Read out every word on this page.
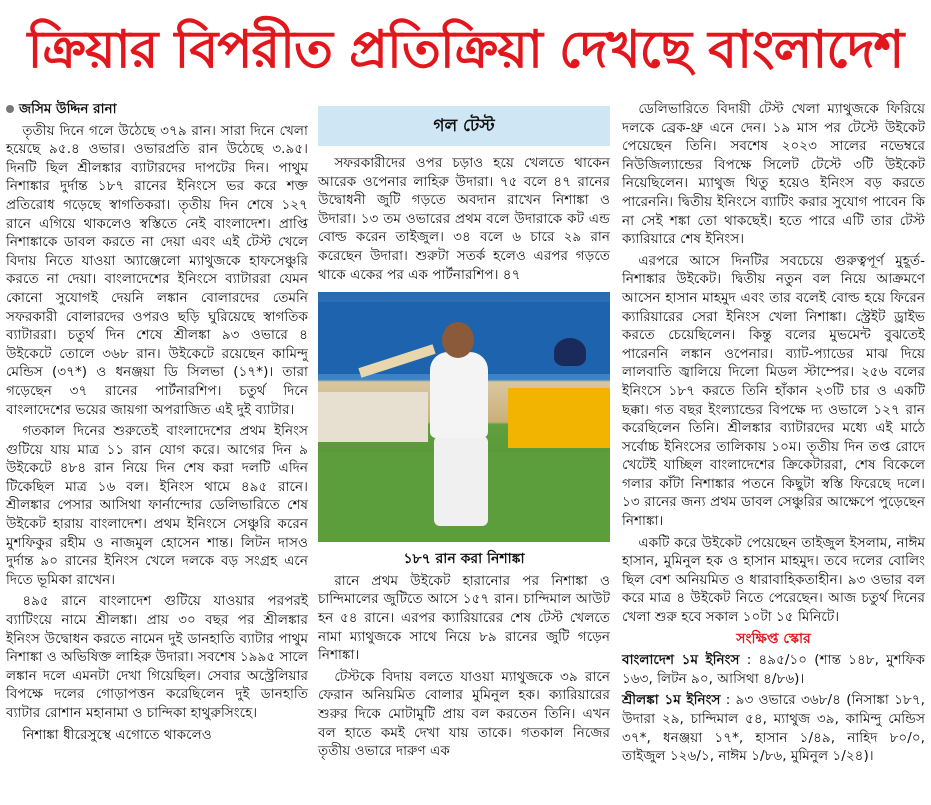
ক্রিয়ার বিপরীত প্রতিক্রিয়া দেখছে বাংলাদেশ

জসিম উদ্দিন রানা

তৃতীয় দিনে গলে উঠেছে ৩৭৯ রান। সারা দিনে খেলা হয়েছে ৯৫.৪ ওভার। ওভারপ্রতি রান উঠেছে ৩.৯৫। দিনটি ছিল শ্রীলঙ্কার ব্যাটারদের দাপটের দিন। পাথুম নিশাঙ্কার দুর্দান্ত ১৮৭ রানের ইনিংসে ভর করে শক্ত প্রতিরোধ গড়েছে স্বাগতিকরা। তৃতীয় দিন শেষে ১২৭ রানে এগিয়ে থাকলেও স্বস্তিতে নেই বাংলাদেশ। প্রাপ্তি নিশাঙ্কাকে ডাবল করতে না দেয়া এবং এই টেস্ট খেলে বিদায় নিতে যাওয়া অ্যাঞ্জেলো ম্যাথুজকে হাফসেঞ্চুরি করতে না দেয়া। বাংলাদেশের ইনিংসে ব্যাটাররা যেমন কোনো সুযোগই দেয়নি লঙ্কান বোলারদের তেমনি সফরকারী বোলারদের ওপরও ছড়ি ঘুরিয়েছে স্বাগতিক ব্যাটাররা। চতুর্থ দিন শেষে শ্রীলঙ্কা ৯৩ ওভারে ৪ উইকেটে তোলে ৩৬৮ রান। উইকেটে রয়েছেন কামিন্দু মেন্ডিস (৩৭*) ও ধনঞ্জয়া ডি সিলভা (১৭*)। তারা গড়েছেন ৩৭ রানের পার্টনারশিপ। চতুর্থ দিনে বাংলাদেশের ভয়ের জায়গা অপরাজিত এই দুই ব্যাটার।

গতকাল দিনের শুরুতেই বাংলাদেশের প্রথম ইনিংস গুটিয়ে যায় মাত্র ১১ রান যোগ করে। আগের দিন ৯ উইকেটে ৪৮৪ রান নিয়ে দিন শেষ করা দলটি এদিন টিকেছিল মাত্র ১৬ বল। ইনিংস থামে ৪৯৫ রানে। শ্রীলঙ্কার পেসার আসিথা ফার্নান্দোর ডেলিভারিতে শেষ উইকেট হারায় বাংলাদেশ। প্রথম ইনিংসে সেঞ্চুরি করেন মুশফিকুর রহীম ও নাজমুল হোসেন শান্ত। লিটন দাসও দুর্দান্ত ৯০ রানের ইনিংস খেলে দলকে বড় সংগ্রহ এনে দিতে ভূমিকা রাখেন।

৪৯৫ রানে বাংলাদেশ গুটিয়ে যাওয়ার পরপরই ব্যাটিংয়ে নামে শ্রীলঙ্কা। প্রায় ৩০ বছর পর শ্রীলঙ্কার ইনিংস উদ্বোধন করতে নামেন দুই ডানহাতি ব্যাটার পাথুম নিশাঙ্কা ও অভিষিক্ত লাহিরু উদারা। সবশেষ ১৯৯৫ সালে লঙ্কান দলে এমনটা দেখা গিয়েছিল। সেবার অস্ট্রেলিয়ার বিপক্ষে দলের গোড়াপত্তন করেছিলেন দুই ডানহাতি ব্যাটার রোশান মহানামা ও চান্দিকা হাথুরুসিংহে।

নিশাঙ্কা ধীরেসুস্থে এগোতে থাকলেও

গল টেস্ট

সফরকারীদের ওপর চড়াও হয়ে খেলতে থাকেন আরেক ওপেনার লাহিরু উদারা। ৭৫ বলে ৪৭ রানের উদ্বোধনী জুটি গড়তে অবদান রাখেন নিশাঙ্কা ও উদারা। ১৩ তম ওভারের প্রথম বলে উদারাকে কট এন্ড বোল্ড করেন তাইজুল। ৩৪ বলে ৬ চারে ২৯ রান করেছেন উদারা। শুরুটা সতর্ক হলেও এরপর গড়তে থাকে একের পর এক পার্টনারশিপ। ৪৭

১৮৭ রান করা নিশাঙ্কা

রানে প্রথম উইকেট হারানোর পর নিশাঙ্কা ও চান্দিমালের জুটিতে আসে ১৫৭ রান। চান্দিমাল আউট হন ৫৪ রানে। এরপর ক্যারিয়ারের শেষ টেস্ট খেলতে নামা ম্যাথুজকে সাথে নিয়ে ৮৯ রানের জুটি গড়েন নিশাঙ্কা।

টেস্টকে বিদায় বলতে যাওয়া ম্যাথুজকে ৩৯ রানে ফেরান অনিয়মিত বোলার মুমিনুল হক। ক্যারিয়ারের শুরুর দিকে মোটামুটি প্রায় বল করতেন তিনি। এখন বল হাতে কমই দেখা যায় তাকে। গতকাল নিজের তৃতীয় ওভারে দারুণ এক

ডেলিভারিতে বিদায়ী টেস্ট খেলা ম্যাথুজকে ফিরিয়ে দলকে ব্রেক-থ্রু এনে দেন। ১৯ মাস পর টেস্টে উইকেট পেয়েছেন তিনি। সবশেষ ২০২৩ সালের নভেম্বরে নিউজিল্যান্ডের বিপক্ষে সিলেট টেস্টে ৩টি উইকেট নিয়েছিলেন। ম্যাথুজ থিতু হয়েও ইনিংস বড় করতে পারেননি। দ্বিতীয় ইনিংসে ব্যাটিং করার সুযোগ পাবেন কি না সেই শঙ্কা তো থাকছেই। হতে পারে এটি তার টেস্ট ক্যারিয়ারে শেষ ইনিংস।

এরপরে আসে দিনটির সবচেয়ে গুরুত্বপূর্ণ মুহূর্ত- নিশাঙ্কার উইকেট। দ্বিতীয় নতুন বল নিয়ে আক্রমণে আসেন হাসান মাহমুদ এবং তার বলেই বোল্ড হয়ে ফিরেন ক্যারিয়ারের সেরা ইনিংস খেলা নিশাঙ্কা। স্ট্রেইট ড্রাইভ করতে চেয়েছিলেন। কিন্তু বলের মুভমেন্ট বুঝতেই পারেননি লঙ্কান ওপেনার। ব্যাট-প্যাডের মাঝ দিয়ে লালবাতি জ্বালিয়ে দিলো মিডল স্টাম্পের। ২৫৬ বলের ইনিংসে ১৮৭ করতে তিনি হাঁকান ২৩টি চার ও একটি ছক্কা। গত বছর ইংল্যান্ডের বিপক্ষে দ্য ওভালে ১২৭ রান করেছিলেন তিনি। শ্রীলঙ্কার ব্যাটারদের মধ্যে এই মাঠে সর্বোচ্চ ইনিংসের তালিকায় ১০ম। তৃতীয় দিন তপ্ত রোদে খেটেই যাচ্ছিল বাংলাদেশের ক্রিকেটাররা, শেষ বিকেলে গলার কাঁটা নিশাঙ্কার পতনে কিছুটা স্বস্তি ফিরেছে দলে। ১৩ রানের জন্য প্রথম ডাবল সেঞ্চুরির আক্ষেপে পুড়েছেন নিশাঙ্কা।

একটি করে উইকেট পেয়েছেন তাইজুল ইসলাম, নাঈম হাসান, মুমিনুল হক ও হাসান মাহমুদ। তবে দলের বোলিং ছিল বেশ অনিয়মিত ও ধারাবাহিকতাহীন। ৯৩ ওভার বল করে মাত্র ৪ উইকেট নিতে পেরেছেন। আজ চতুর্থ দিনের খেলা শুরু হবে সকাল ১০টা ১৫ মিনিটে।

সংক্ষিপ্ত স্কোর

বাংলাদেশ ১ম ইনিংস : ৪৯৫/১০ (শান্ত ১৪৮, মুশফিক ১৬৩, লিটন ৯০, আসিথা ৪/৮৬)।

শ্রীলঙ্কা ১ম ইনিংস : ৯৩ ওভারে ৩৬৮/৪ (নিসাঙ্কা ১৮৭, উদারা ২৯, চান্দিমাল ৫৪, ম্যাথুজ ৩৯, কামিন্দু মেন্ডিস ৩৭*, ধনঞ্জয়া ১৭*, হাসান ১/৪৯, নাহিদ ৮০/০, তাইজুল ১২৬/১, নাঈম ১/৮৬, মুমিনুল ১/২৪)।
